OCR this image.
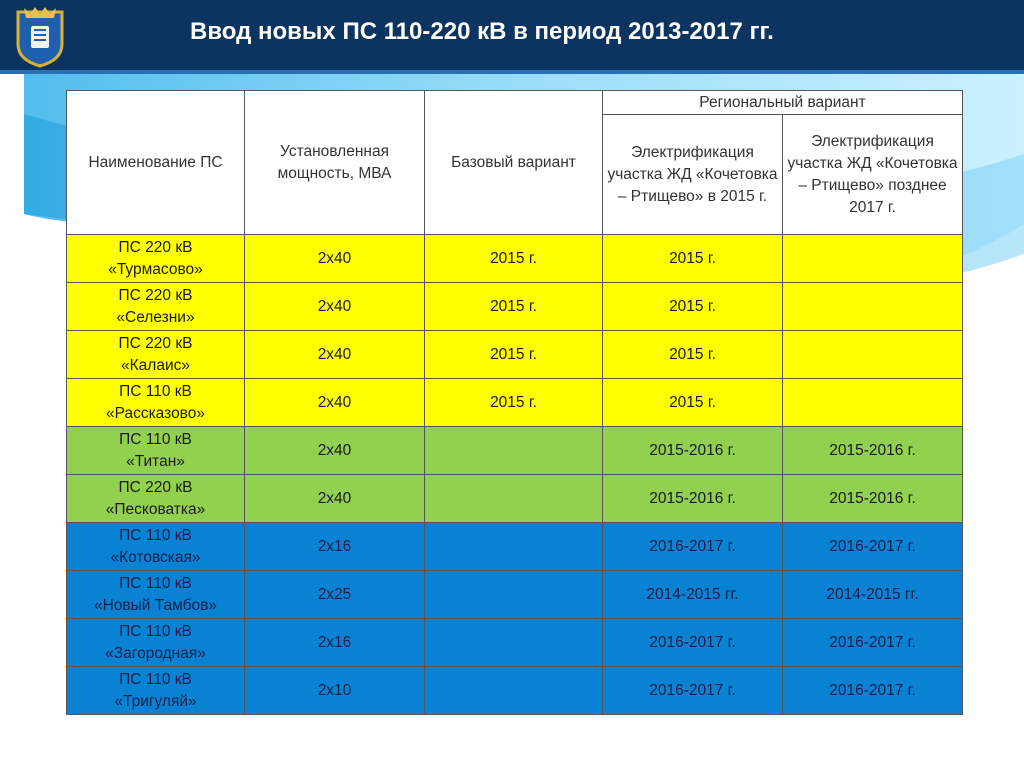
Ввод новых ПС 110-220 кВ в период 2013-2017 гг.
Наименование ПС	Установленная мощность, МВА	Базовый вариант	Региональный вариант	
			Электрификация участка ЖД «Кочетовка – Ртищево» в 2015 г.	Электрификация участка ЖД «Кочетовка – Ртищево» позднее 2017 г.
ПС 220 кВ
«Турмасово»	2х40	2015 г.	2015 г.	
ПС 220 кВ
«Селезни»	2х40	2015 г.	2015 г.	
ПС 220 кВ
«Калаис»	2х40	2015 г.	2015 г.	
ПС 110 кВ
«Рассказово»	2х40	2015 г.	2015 г.	
ПС 110 кВ
«Титан»	2х40		2015-2016 г.	2015-2016 г.
ПС 220 кВ
«Песковатка»	2х40		2015-2016 г.	2015-2016 г.
ПС 110 кВ
«Котовская»	2х16		2016-2017 г.	2016-2017 г.
ПС 110 кВ
«Новый Тамбов»	2х25		2014-2015 гг.	2014-2015 гг.
ПС 110 кВ
«Загородная»	2х16		2016-2017 г.	2016-2017 г.
ПС 110 кВ
«Тригуляй»	2х10		2016-2017 г.	2016-2017 г.
